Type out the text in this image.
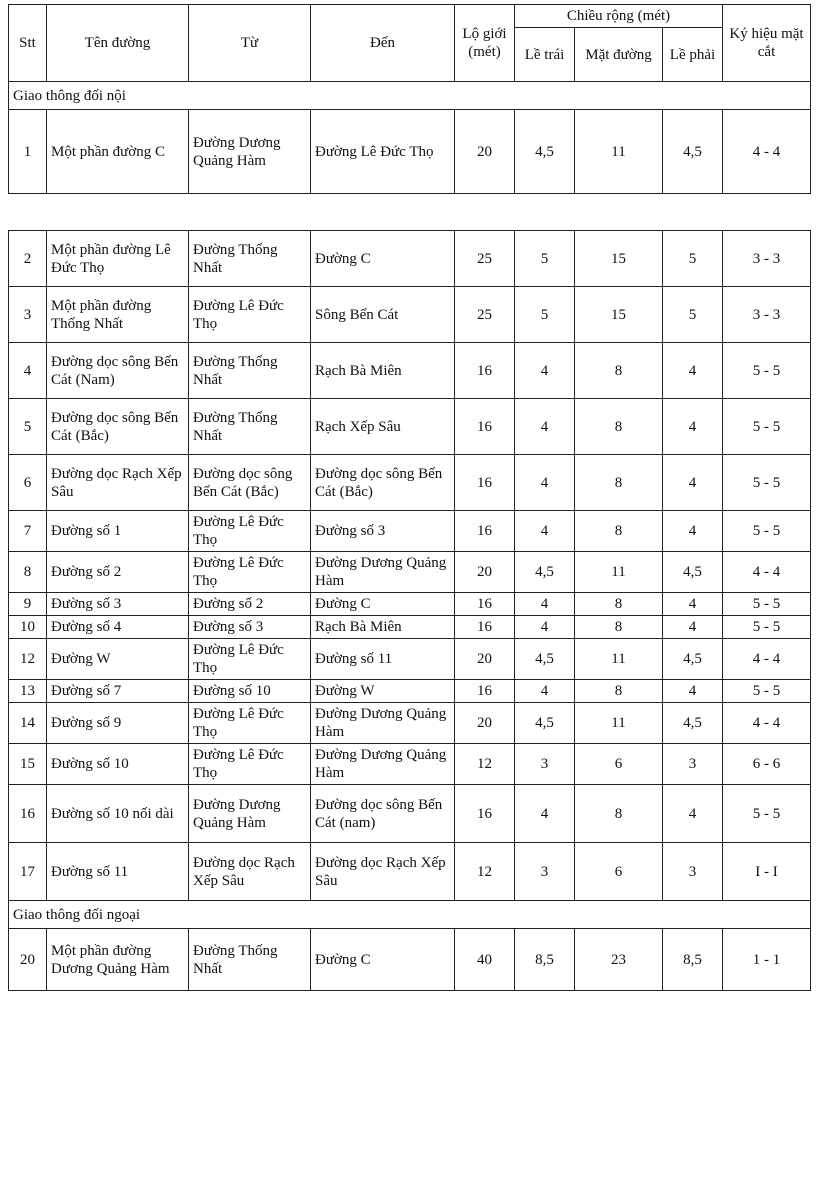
Stt	Tên đường	Từ	Đến	Lộ giới (mét)	Chiều rộng (mét)			Ký hiệu mặt cắt
					Lề trái	Mặt đường	Lề phải	
Giao thông đối nội								
1	Một phần đường C	Đường Dương Quảng Hàm	Đường Lê Đức Thọ	20	4,5	11	4,5	4 - 4
2	Một phần đường Lê Đức Thọ	Đường Thống Nhất	Đường C	25	5	15	5	3 - 3
3	Một phần đường Thống Nhất	Đường Lê Đức Thọ	Sông Bến Cát	25	5	15	5	3 - 3
4	Đường dọc sông Bến Cát (Nam)	Đường Thống Nhất	Rạch Bà Miên	16	4	8	4	5 - 5
5	Đường dọc sông Bến Cát (Bắc)	Đường Thống Nhất	Rạch Xếp Sâu	16	4	8	4	5 - 5
6	Đường dọc Rạch Xếp Sâu	Đường dọc sông Bến Cát (Bắc)	Đường dọc sông Bến Cát (Bắc)	16	4	8	4	5 - 5
7	Đường số 1	Đường Lê Đức Thọ	Đường số 3	16	4	8	4	5 - 5
8	Đường số 2	Đường Lê Đức Thọ	Đường Dương Quảng Hàm	20	4,5	11	4,5	4 - 4
9	Đường số 3	Đường số 2	Đường C	16	4	8	4	5 - 5
10	Đường số 4	Đường số 3	Rạch Bà Miên	16	4	8	4	5 - 5
12	Đường W	Đường Lê Đức Thọ	Đường số 11	20	4,5	11	4,5	4 - 4
13	Đường số 7	Đường số 10	Đường W	16	4	8	4	5 - 5
14	Đường số 9	Đường Lê Đức Thọ	Đường Dương Quảng Hàm	20	4,5	11	4,5	4 - 4
15	Đường số 10	Đường Lê Đức Thọ	Đường Dương Quảng Hàm	12	3	6	3	6 - 6
16	Đường số 10 nối dài	Đường Dương Quảng Hàm	Đường dọc sông Bến Cát (nam)	16	4	8	4	5 - 5
17	Đường số 11	Đường dọc Rạch Xếp Sâu	Đường dọc Rạch Xếp Sâu	12	3	6	3	I - I
Giao thông đối ngoại								
20	Một phần đường Dương Quảng Hàm	Đường Thống Nhất	Đường C	40	8,5	23	8,5	1 - 1
